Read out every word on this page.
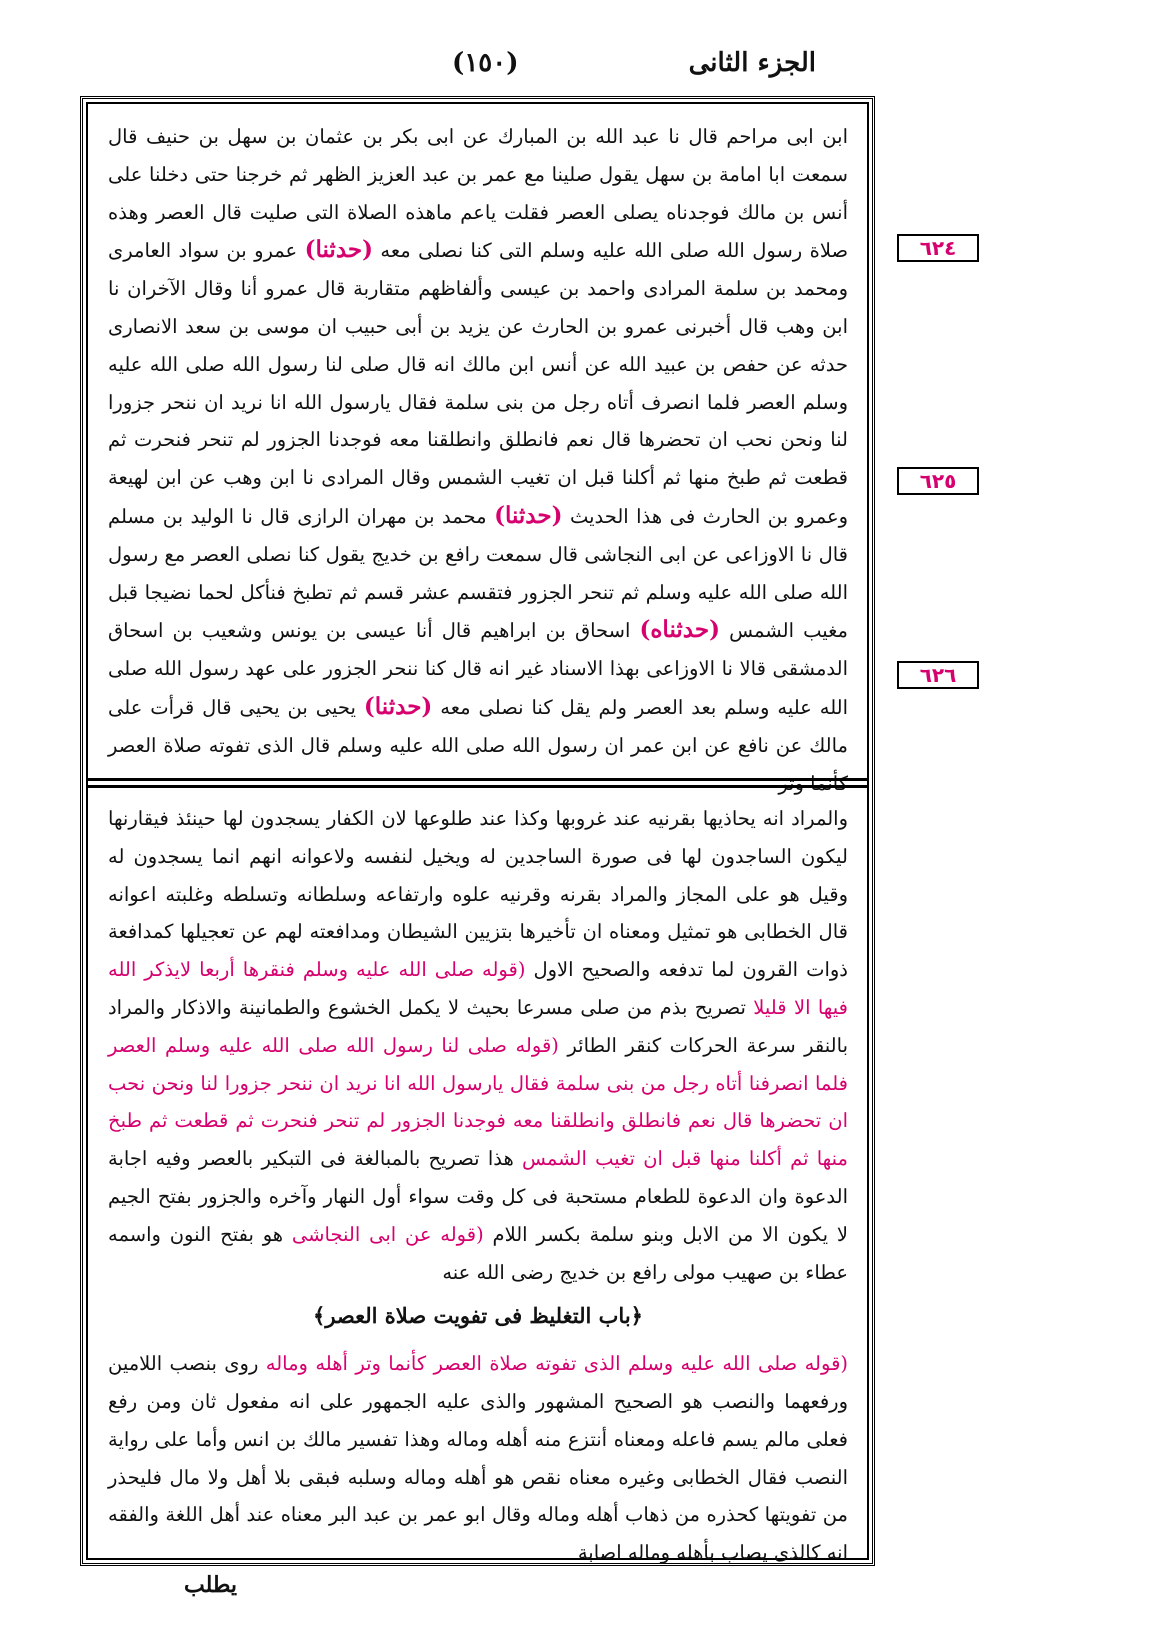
الجزء الثانى
(١٥٠)

ابن ابى مراحم قال نا عبد الله بن المبارك عن ابى بكر بن عثمان بن سهل بن حنيف قال سمعت ابا امامة بن سهل يقول صلينا مع عمر بن عبد العزيز الظهر ثم خرجنا حتى دخلنا على أنس بن مالك فوجدناه يصلى العصر فقلت ياعم ماهذه الصلاة التى صليت قال العصر وهذه صلاة رسول الله صلى الله عليه وسلم التى كنا نصلى معه (حدثنا) عمرو بن سواد العامرى ومحمد بن سلمة المرادى واحمد بن عيسى وألفاظهم متقاربة قال عمرو أنا وقال الآخران نا ابن وهب قال أخبرنى عمرو بن الحارث عن يزيد بن أبى حبيب ان موسى بن سعد الانصارى حدثه عن حفص بن عبيد الله عن أنس ابن مالك انه قال صلى لنا رسول الله صلى الله عليه وسلم العصر فلما انصرف أتاه رجل من بنى سلمة فقال يارسول الله انا نريد ان ننحر جزورا لنا ونحن نحب ان تحضرها قال نعم فانطلق وانطلقنا معه فوجدنا الجزور لم تنحر فنحرت ثم قطعت ثم طبخ منها ثم أكلنا قبل ان تغيب الشمس وقال المرادى نا ابن وهب عن ابن لهيعة وعمرو بن الحارث فى هذا الحديث (حدثنا) محمد بن مهران الرازى قال نا الوليد بن مسلم قال نا الاوزاعى عن ابى النجاشى قال سمعت رافع بن خديج يقول كنا نصلى العصر مع رسول الله صلى الله عليه وسلم ثم تنحر الجزور فتقسم عشر قسم ثم تطبخ فنأكل لحما نضيجا قبل مغيب الشمس (حدثناه) اسحاق بن ابراهيم قال أنا عيسى بن يونس وشعيب بن اسحاق الدمشقى قالا نا الاوزاعى بهذا الاسناد غير انه قال كنا ننحر الجزور على عهد رسول الله صلى الله عليه وسلم بعد العصر ولم يقل كنا نصلى معه (حدثنا) يحيى بن يحيى قال قرأت على مالك عن نافع عن ابن عمر ان رسول الله صلى الله عليه وسلم قال الذى تفوته صلاة العصر كأنما وتر

٦٢٤
٦٢٥
٦٢٦

والمراد انه يحاذيها بقرنيه عند غروبها وكذا عند طلوعها لان الكفار يسجدون لها حينئذ فيقارنها ليكون الساجدون لها فى صورة الساجدين له ويخيل لنفسه ولاعوانه انهم انما يسجدون له وقيل هو على المجاز والمراد بقرنه وقرنيه علوه وارتفاعه وسلطانه وتسلطه وغلبته اعوانه قال الخطابى هو تمثيل ومعناه ان تأخيرها بتزيين الشيطان ومدافعته لهم عن تعجيلها كمدافعة ذوات القرون لما تدفعه والصحيح الاول (قوله صلى الله عليه وسلم فنقرها أربعا لايذكر الله فيها الا قليلا تصريح بذم من صلى مسرعا بحيث لا يكمل الخشوع والطمانينة والاذكار والمراد بالنقر سرعة الحركات كنقر الطائر (قوله صلى لنا رسول الله صلى الله عليه وسلم العصر فلما انصرفنا أتاه رجل من بنى سلمة فقال يارسول الله انا نريد ان ننحر جزورا لنا ونحن نحب ان تحضرها قال نعم فانطلق وانطلقنا معه فوجدنا الجزور لم تنحر فنحرت ثم قطعت ثم طبخ منها ثم أكلنا منها قبل ان تغيب الشمس هذا تصريح بالمبالغة فى التبكير بالعصر وفيه اجابة الدعوة وان الدعوة للطعام مستحبة فى كل وقت سواء أول النهار وآخره والجزور بفتح الجيم لا يكون الا من الابل وبنو سلمة بكسر اللام (قوله عن ابى النجاشى هو بفتح النون واسمه عطاء بن صهيب مولى رافع بن خديج رضى الله عنه

﴿باب التغليظ فى تفويت صلاة العصر﴾

(قوله صلى الله عليه وسلم الذى تفوته صلاة العصر كأنما وتر أهله وماله روى بنصب اللامين ورفعهما والنصب هو الصحيح المشهور والذى عليه الجمهور على انه مفعول ثان ومن رفع فعلى مالم يسم فاعله ومعناه أنتزع منه أهله وماله وهذا تفسير مالك بن انس وأما على رواية النصب فقال الخطابى وغيره معناه نقص هو أهله وماله وسلبه فبقى بلا أهل ولا مال فليحذر من تفويتها كحذره من ذهاب أهله وماله وقال ابو عمر بن عبد البر معناه عند أهل اللغة والفقه انه كالذى يصاب بأهله وماله اصابة

يطلب
